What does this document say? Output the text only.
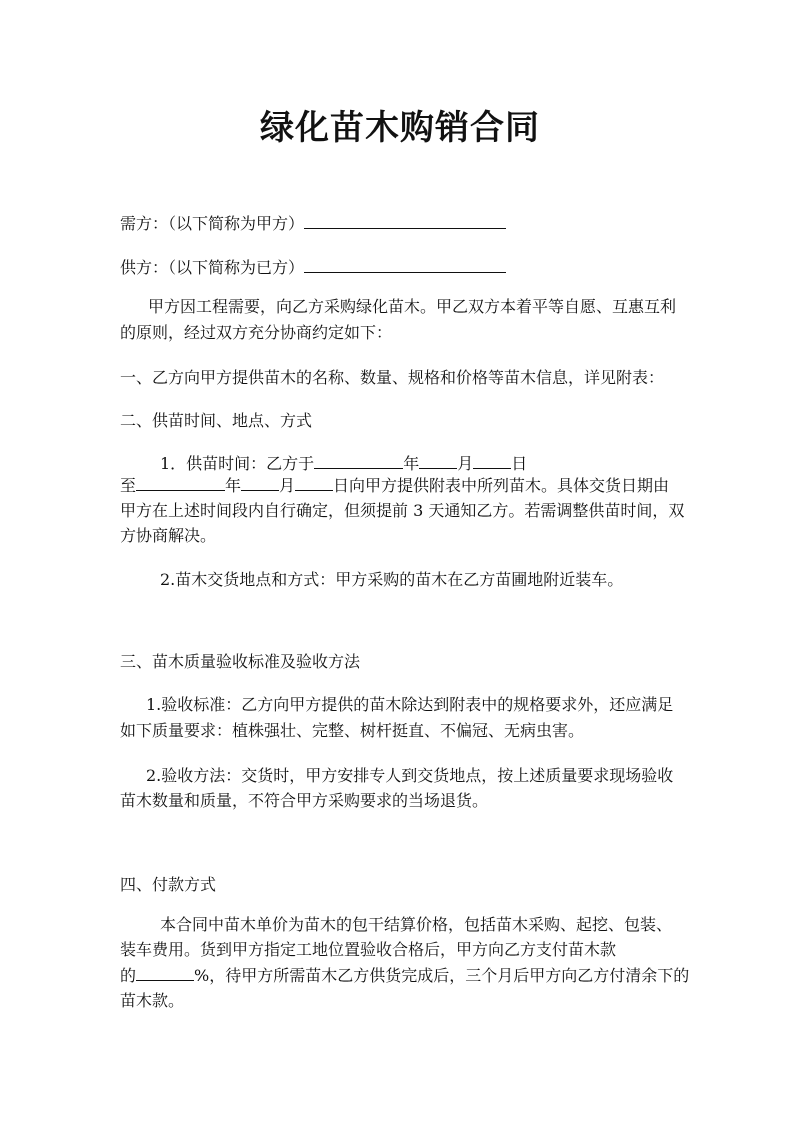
绿化苗木购销合同
需方：（以下简称为甲方）
供方：（以下简称为已方）
甲方因工程需要，向乙方采购绿化苗木。甲乙双方本着平等自愿、互惠互利
的原则，经过双方充分协商约定如下：
一、乙方向甲方提供苗木的名称、数量、规格和价格等苗木信息，详见附表：
二、供苗时间、地点、方式
1．供苗时间：乙方于	年 月 日
至	年 月 日向甲方提供附表中所列苗木。具体交货日期由
甲方在上述时间段内自行确定，但须提前 3 天通知乙方。若需调整供苗时间，双
方协商解决。
2.苗木交货地点和方式：甲方采购的苗木在乙方苗圃地附近装车。
三、苗木质量验收标准及验收方法
1.验收标准：乙方向甲方提供的苗木除达到附表中的规格要求外，还应满足
如下质量要求：植株强壮、完整、树杆挺直、不偏冠、无病虫害。
2.验收方法：交货时，甲方安排专人到交货地点，按上述质量要求现场验收
苗木数量和质量，不符合甲方采购要求的当场退货。
四、付款方式
本合同中苗木单价为苗木的包干结算价格，包括苗木采购、起挖、包装、
装车费用。货到甲方指定工地位置验收合格后，甲方向乙方支付苗木款
的	%，待甲方所需苗木乙方供货完成后，三个月后甲方向乙方付清余下的
苗木款。
